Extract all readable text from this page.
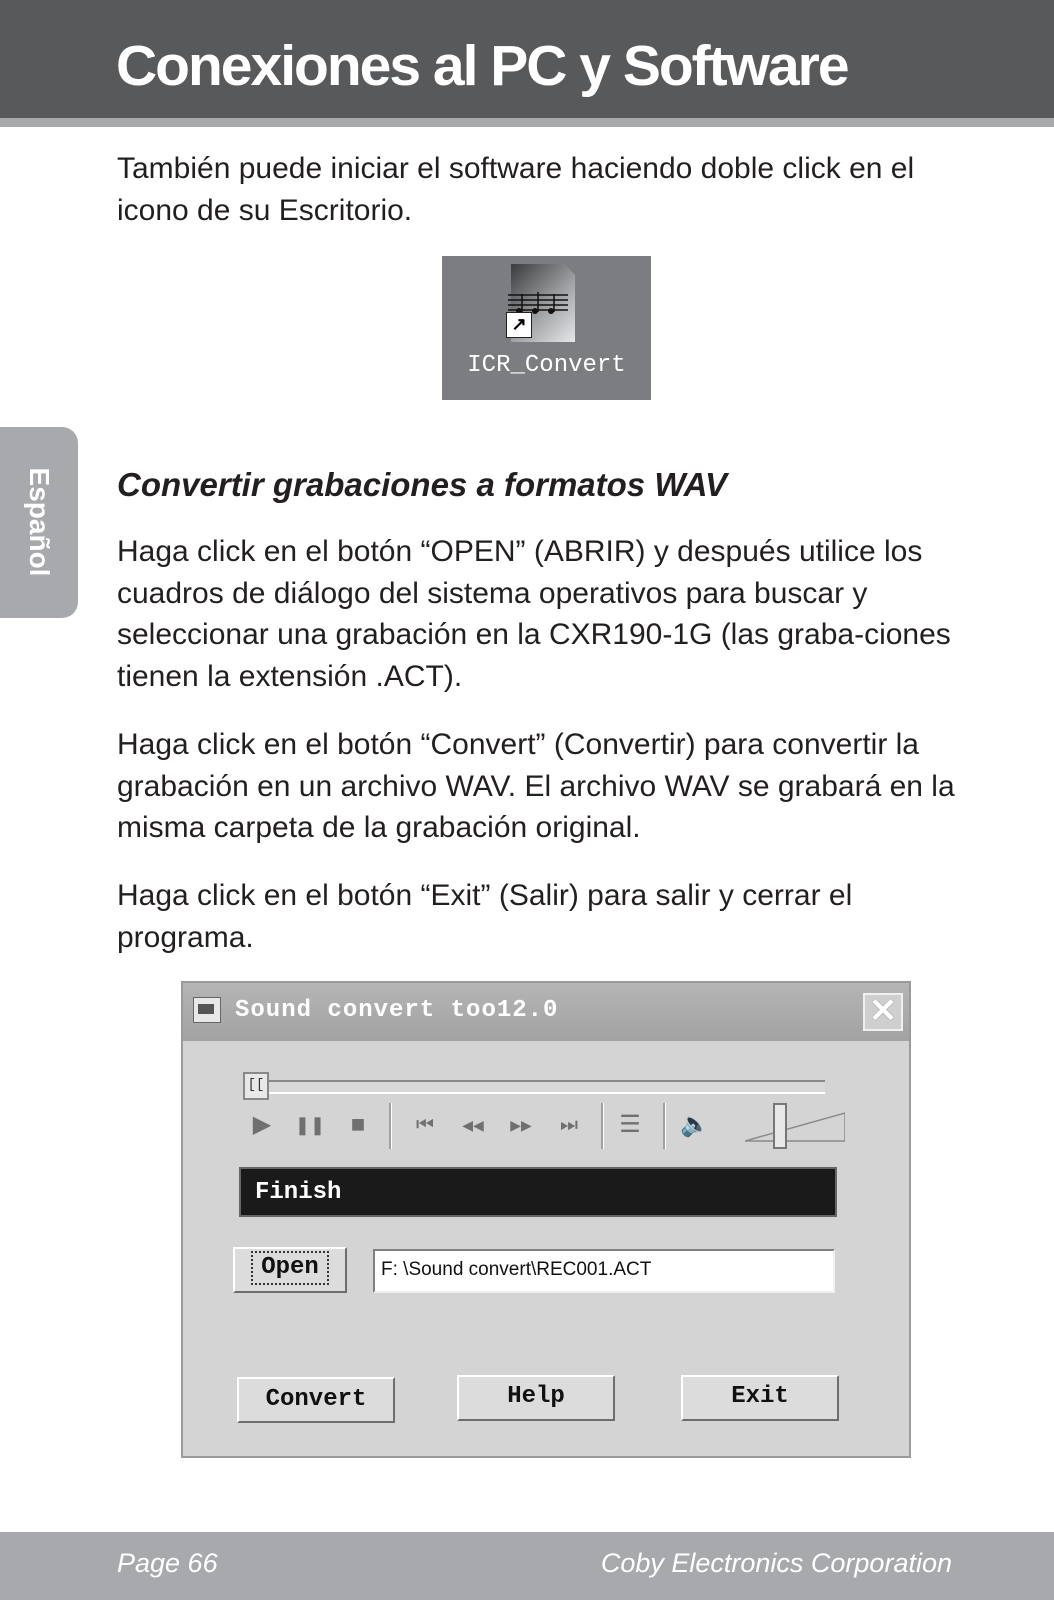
Conexiones al PC y Software
Español

También puede iniciar el software haciendo doble click en el icono de su Escritorio.

↗
ICR_Convert
Convertir grabaciones a formatos WAV

Haga click en el botón “OPEN” (ABRIR) y después utilice los cuadros de diálogo del sistema operativos para buscar y seleccionar una grabación en la CXR190-1G (las graba-ciones tienen la extensión .ACT).

Haga click en el botón “Convert” (Convertir) para convertir la grabación en un archivo WAV. El archivo WAV se grabará en la misma carpeta de la grabación original.

Haga click en el botón “Exit” (Salir) para salir y cerrar el programa.

Sound convert too12.0	✕
[[
▶	❚❚	■	⏮	◀◀	▶▶	⏭	☰ 🔈
Finish
Open	F: \Sound convert\REC001.ACT
Convert	Help	Exit
Page 66	Coby Electronics Corporation
